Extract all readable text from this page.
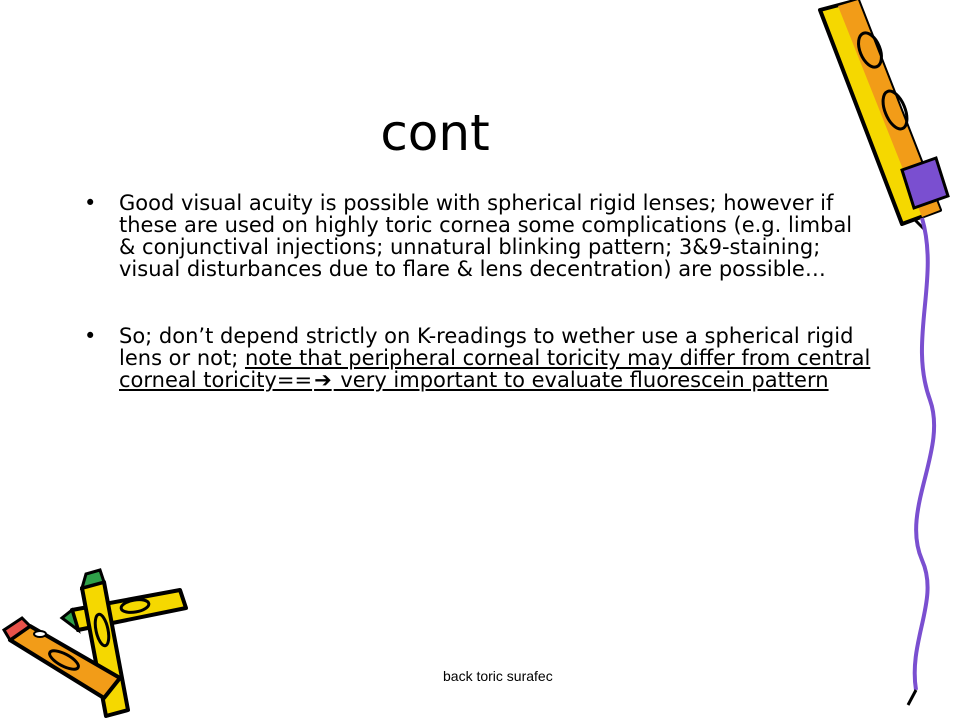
cont
• Good visual acuity is possible with spherical rigid lenses; however if these are used on highly toric cornea some complications (e.g. limbal & conjunctival injections; unnatural blinking pattern; 3&9-staining; visual disturbances due to flare & lens decentration) are possible…
• So; don’t depend strictly on K-readings to wether use a spherical rigid lens or not; note that peripheral corneal toricity may differ from central corneal toricity==➔ very important to evaluate fluorescein pattern
back toric surafec
